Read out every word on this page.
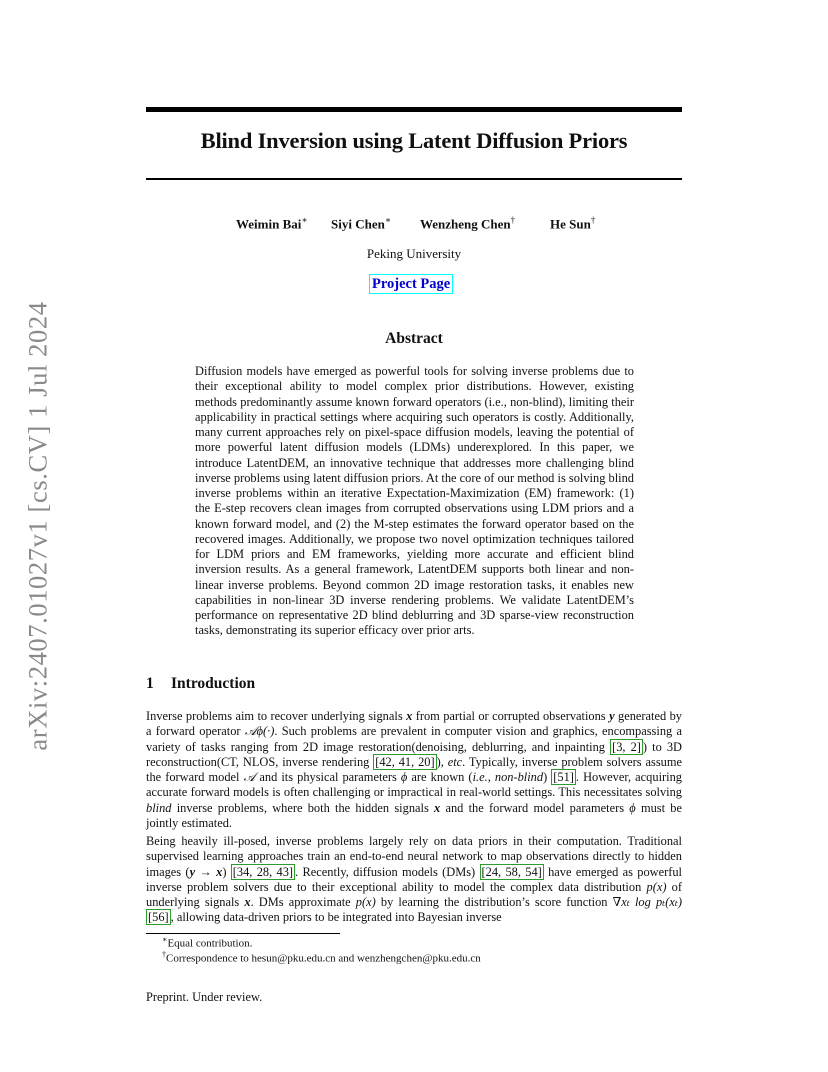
arXiv:2407.01027v1 [cs.CV] 1 Jul 2024
Blind Inversion using Latent Diffusion Priors
Weimin Bai∗ Siyi Chen∗ Wenzheng Chen†	He Sun†
Peking University
Project Page
Abstract

Diffusion models have emerged as powerful tools for solving inverse problems due to their exceptional ability to model complex prior distributions. However, existing methods predominantly assume known forward operators (i.e., non-blind), limiting their applicability in practical settings where acquiring such operators is costly. Additionally, many current approaches rely on pixel-space diffusion models, leaving the potential of more powerful latent diffusion models (LDMs) underexplored. In this paper, we introduce LatentDEM, an innovative technique that addresses more challenging blind inverse problems using latent diffusion priors. At the core of our method is solving blind inverse problems within an iterative Expectation-Maximization (EM) framework: (1) the E-step recovers clean images from corrupted observations using LDM priors and a known forward model, and (2) the M-step estimates the forward operator based on the recovered images. Additionally, we propose two novel optimization techniques tailored for LDM priors and EM frameworks, yielding more accurate and efficient blind inversion results. As a general framework, LatentDEM supports both linear and non-linear inverse problems. Beyond common 2D image restoration tasks, it enables new capabilities in non-linear 3D inverse rendering problems. We validate LatentDEM’s performance on representative 2D blind deblurring and 3D sparse-view reconstruction tasks, demonstrating its superior efficacy over prior arts.

1 Introduction

Inverse problems aim to recover underlying signals x from partial or corrupted observations y generated by a forward operator 𝒜ϕ(·). Such problems are prevalent in computer vision and graphics, encompassing a variety of tasks ranging from 2D image restoration(denoising, deblurring, and inpainting [3, 2] ) to 3D reconstruction(CT, NLOS, inverse rendering [42, 41, 20] ), etc. Typically, inverse problem solvers assume the forward model 𝒜 and its physical parameters ϕ are known (i.e., non-blind) [51] . However, acquiring accurate forward models is often challenging or impractical in real-world settings. This necessitates solving blind inverse problems, where both the hidden signals x and the forward model parameters ϕ must be jointly estimated.

Being heavily ill-posed, inverse problems largely rely on data priors in their computation. Traditional supervised learning approaches train an end-to-end neural network to map observations directly to hidden images (y → x) [34, 28, 43] . Recently, diffusion models (DMs) [24, 58, 54] have emerged as powerful inverse problem solvers due to their exceptional ability to model the complex data distribution p(x) of underlying signals x. DMs approximate p(x) by learning the distribution’s score function ∇xₜ log pₜ(xₜ) [56] , allowing data-driven priors to be integrated into Bayesian inverse

∗Equal contribution.
†Correspondence to hesun@pku.edu.cn and wenzhengchen@pku.edu.cn
Preprint. Under review.
